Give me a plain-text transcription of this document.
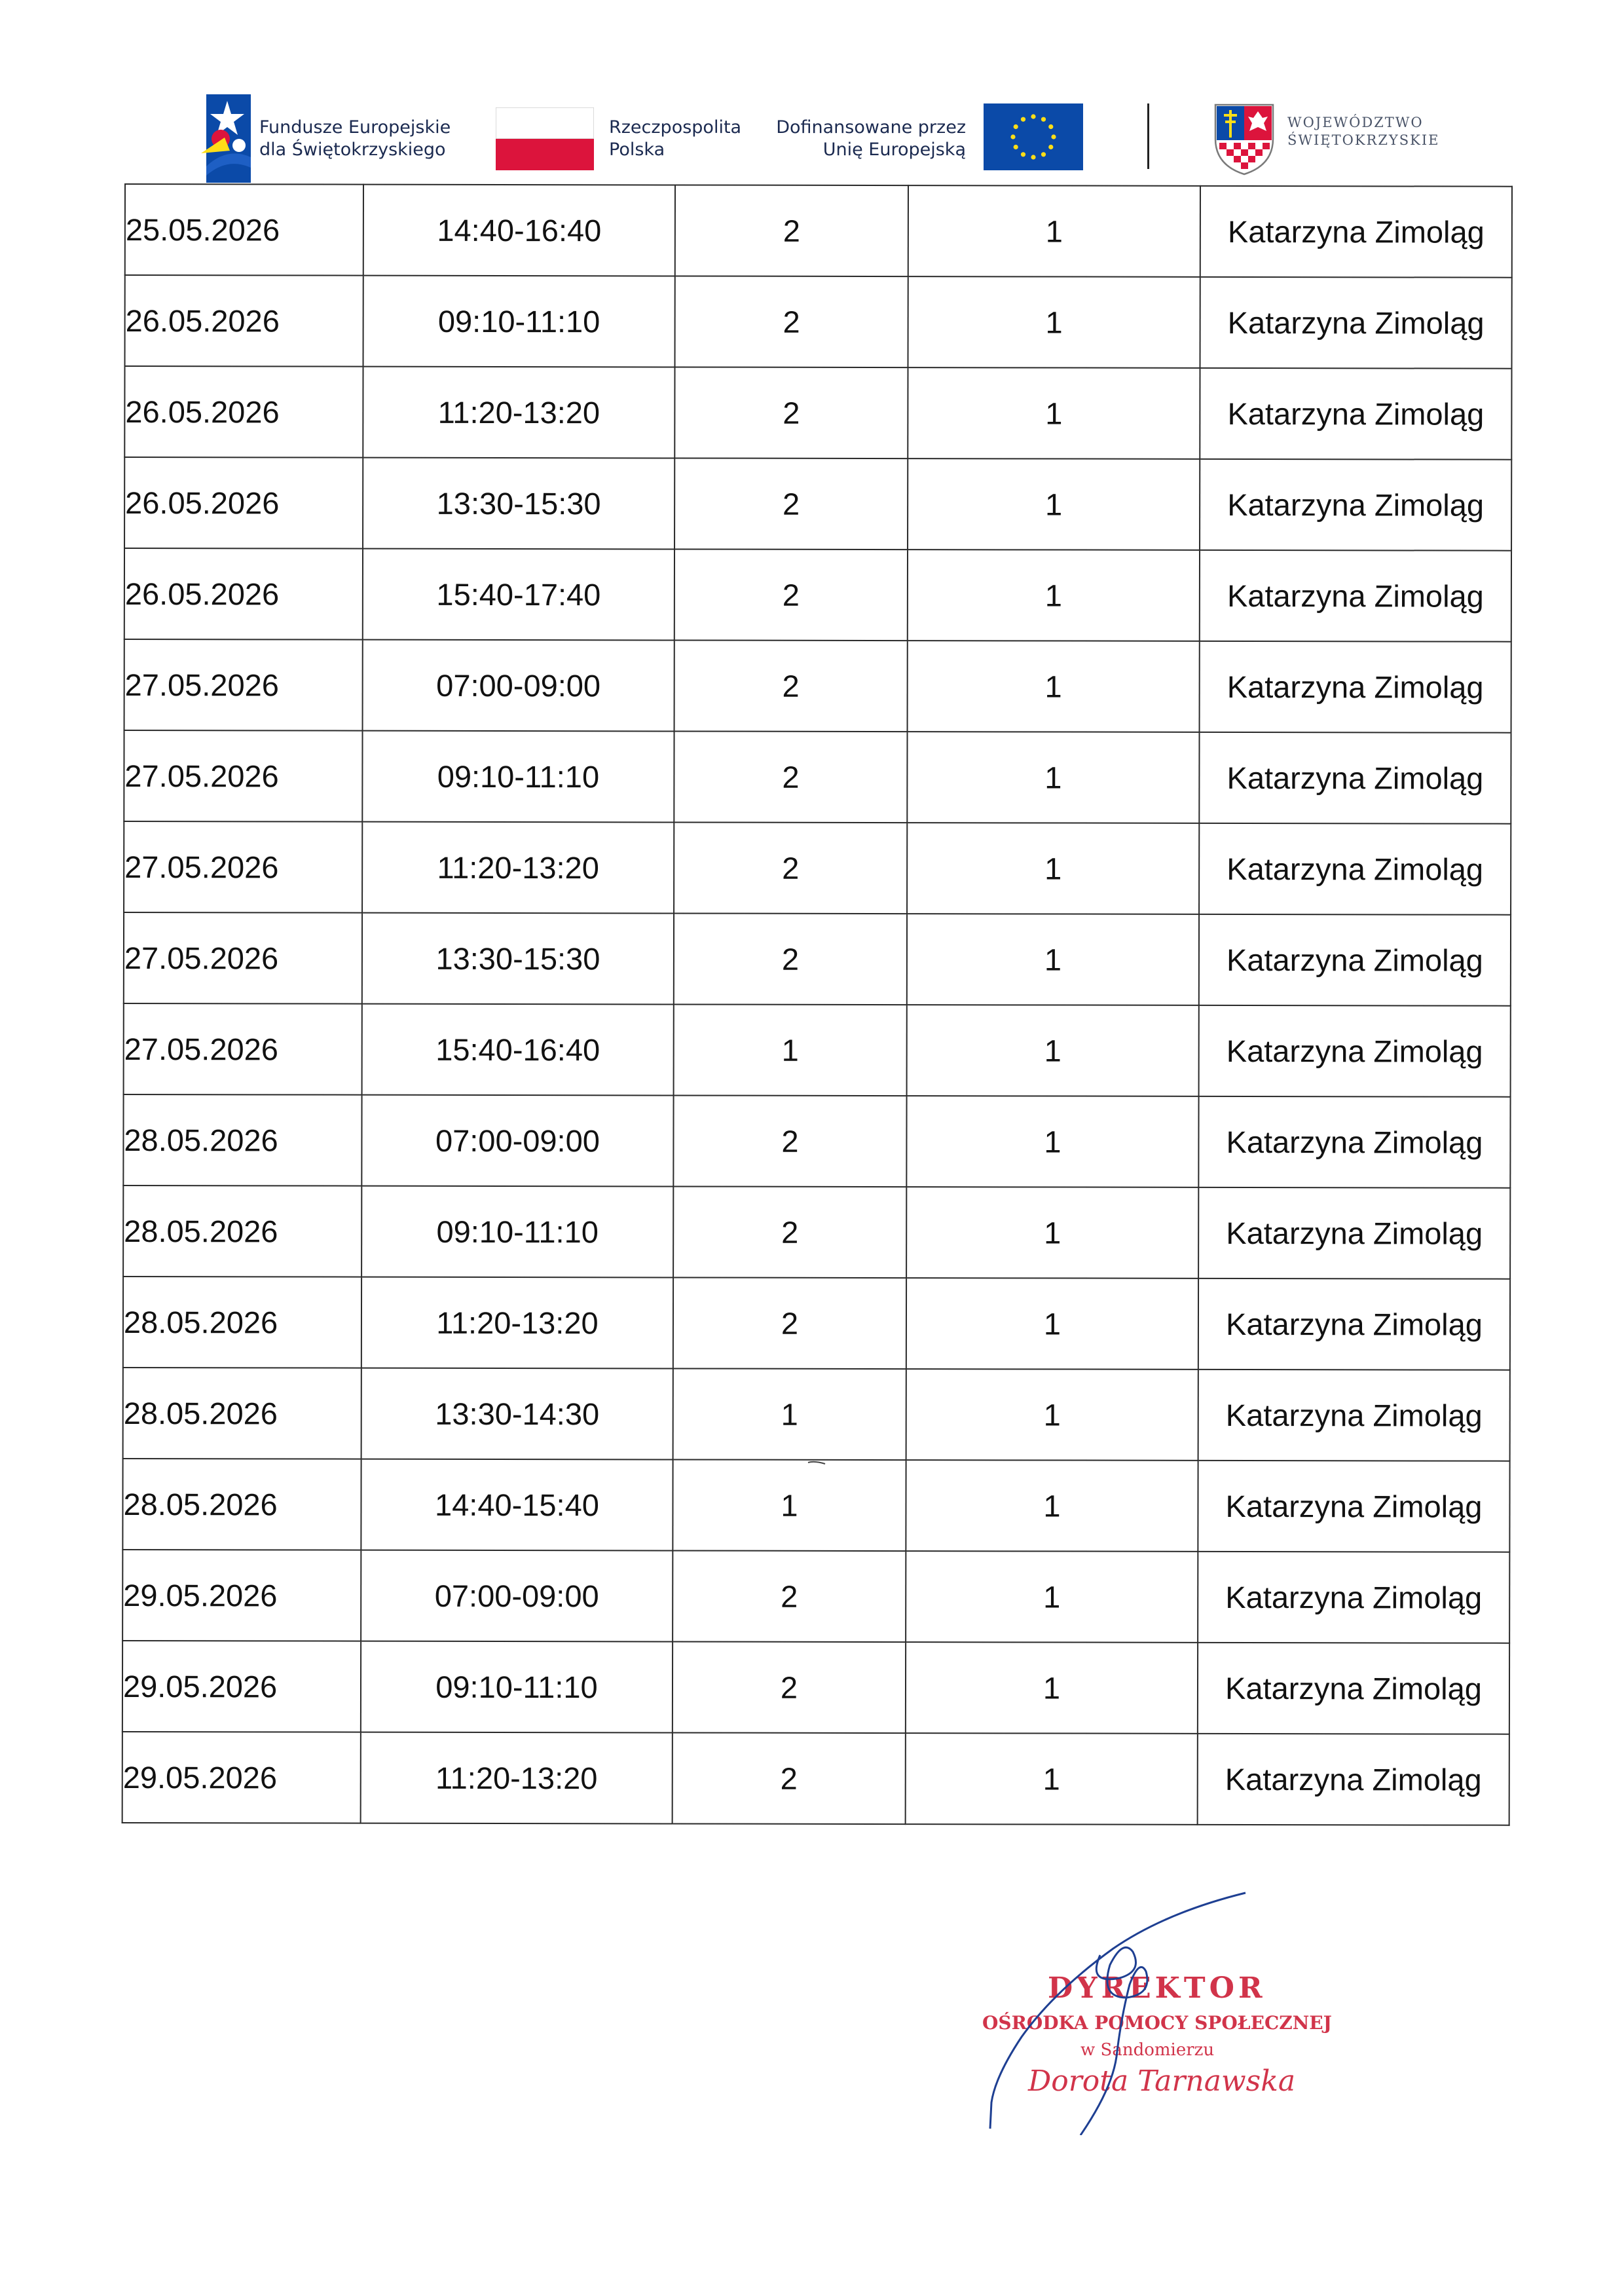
Fundusze Europejskie
dla Świętokrzyskiego
Rzeczpospolita
Polska
Dofinansowane przez
Unię Europejską
WOJEWÓDZTWO
ŚWIĘTOKRZYSKIE
25.05.2026	14:40-16:40	2	1	Katarzyna Zimoląg
26.05.2026	09:10-11:10	2	1	Katarzyna Zimoląg
26.05.2026	11:20-13:20	2	1	Katarzyna Zimoląg
26.05.2026	13:30-15:30	2	1	Katarzyna Zimoląg
26.05.2026	15:40-17:40	2	1	Katarzyna Zimoląg
27.05.2026	07:00-09:00	2	1	Katarzyna Zimoląg
27.05.2026	09:10-11:10	2	1	Katarzyna Zimoląg
27.05.2026	11:20-13:20	2	1	Katarzyna Zimoląg
27.05.2026	13:30-15:30	2	1	Katarzyna Zimoląg
27.05.2026	15:40-16:40	1	1	Katarzyna Zimoląg
28.05.2026	07:00-09:00	2	1	Katarzyna Zimoląg
28.05.2026	09:10-11:10	2	1	Katarzyna Zimoląg
28.05.2026	11:20-13:20	2	1	Katarzyna Zimoląg
28.05.2026	13:30-14:30	1	1	Katarzyna Zimoląg
28.05.2026	14:40-15:40	1	1	Katarzyna Zimoląg
29.05.2026	07:00-09:00	2	1	Katarzyna Zimoląg
29.05.2026	09:10-11:10	2	1	Katarzyna Zimoląg
29.05.2026	11:20-13:20	2	1	Katarzyna Zimoląg
DYREKTOR
OŚRODKA POMOCY SPOŁECZNEJ
w Sandomierzu
Dorota Tarnawska
